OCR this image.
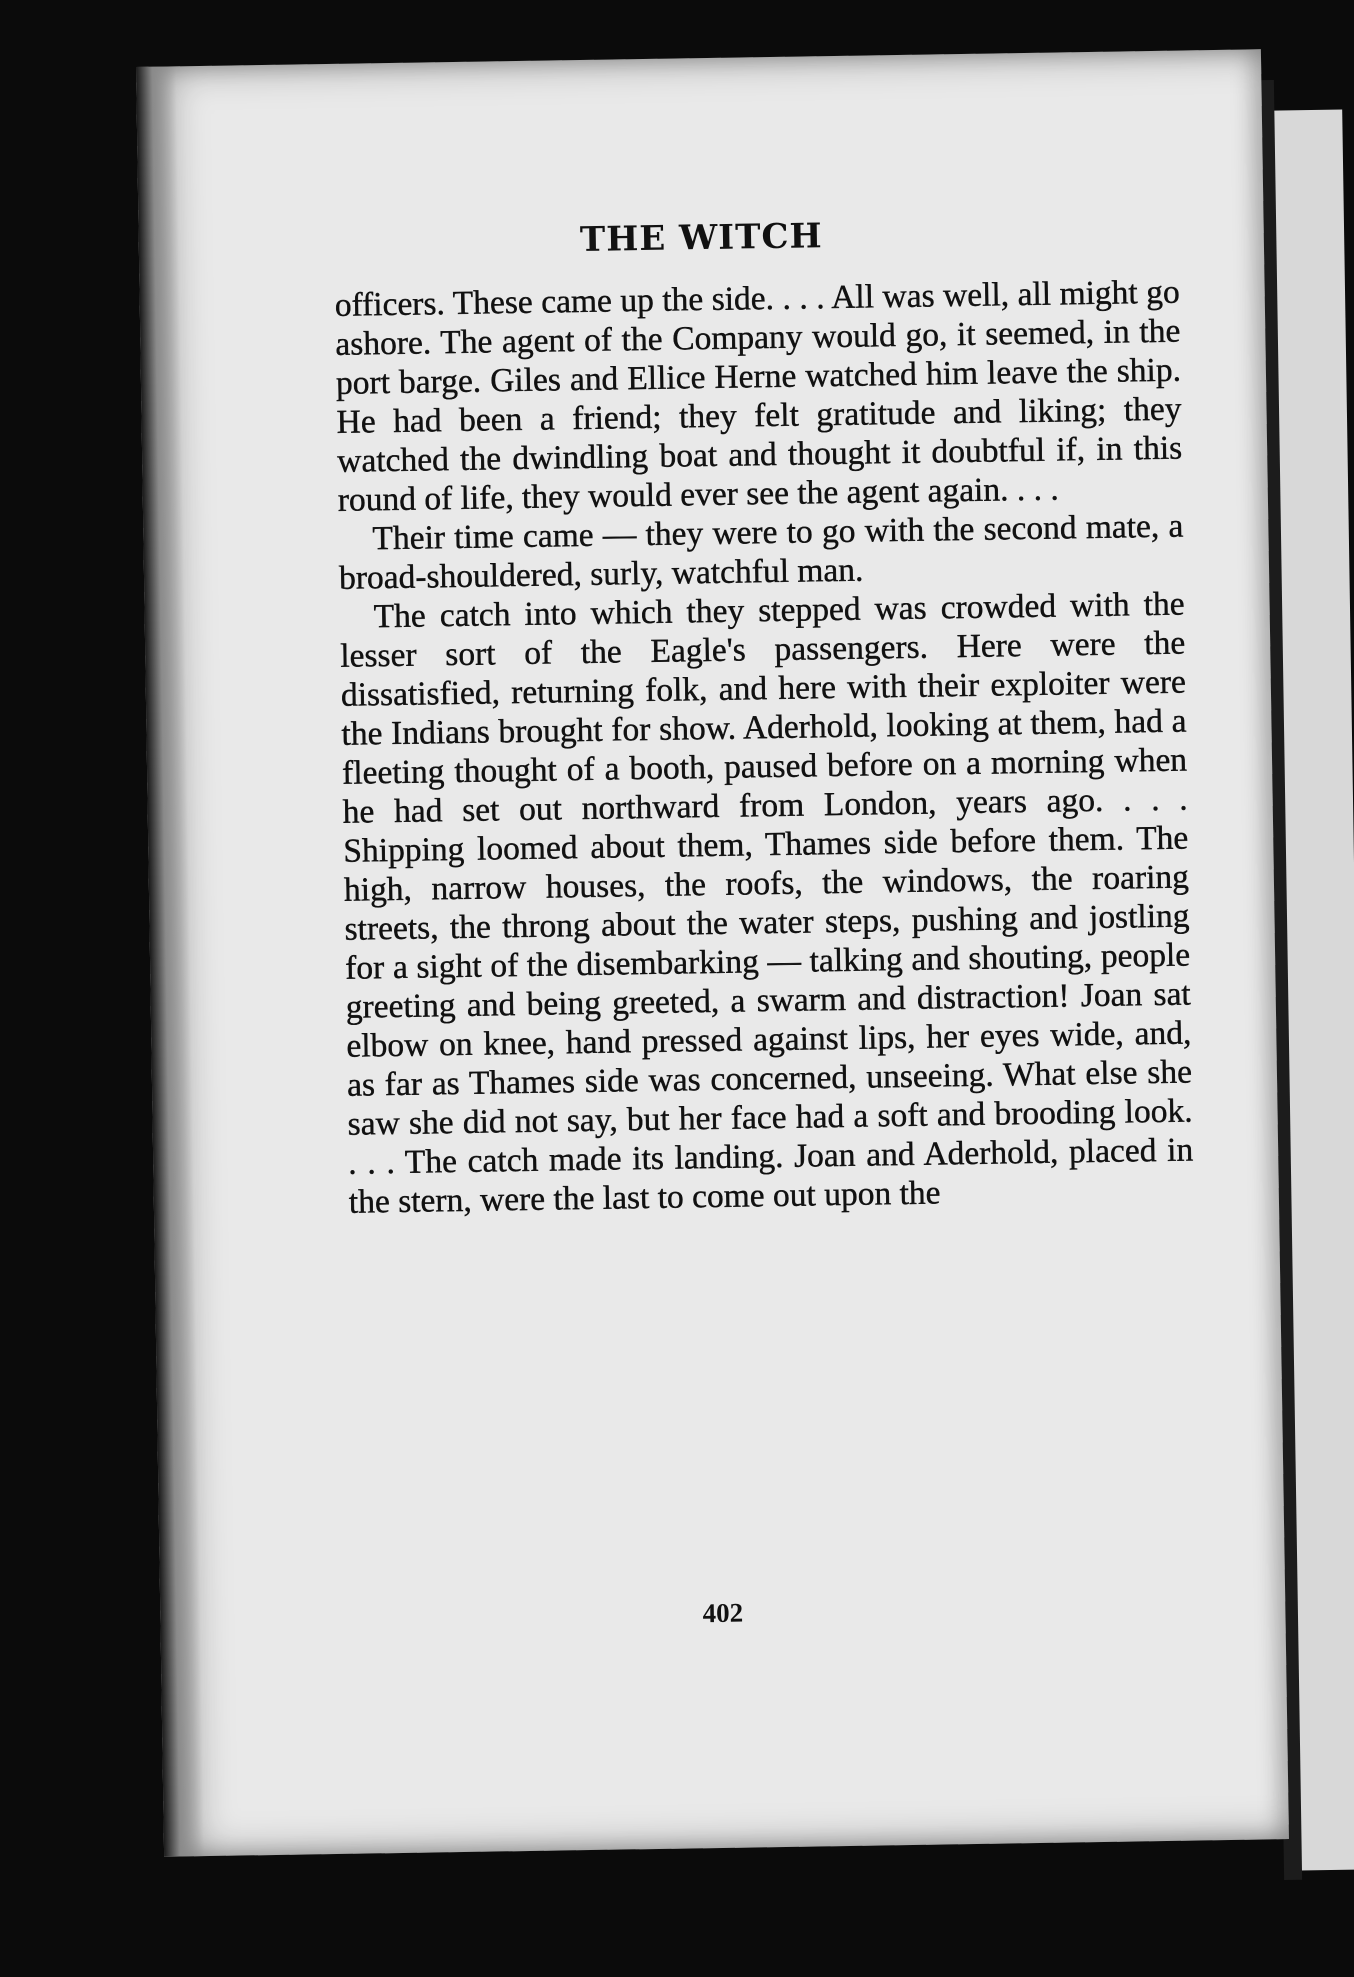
THE WITCH

officers. These came up the side. . . . All was well, all might go ashore. The agent of the Company would go, it seemed, in the port barge. Giles and Ellice Herne watched him leave the ship. He had been a friend; they felt gratitude and liking; they watched the dwindling boat and thought it doubtful if, in this round of life, they would ever see the agent again. . . .

Their time came — they were to go with the second mate, a broad-shouldered, surly, watchful man.

The catch into which they stepped was crowded with the lesser sort of the Eagle's passengers. Here were the dissatisfied, returning folk, and here with their exploiter were the Indians brought for show. Aderhold, looking at them, had a fleeting thought of a booth, paused before on a morning when he had set out northward from London, years ago. . . . Shipping loomed about them, Thames side before them. The high, narrow houses, the roofs, the windows, the roaring streets, the throng about the water steps, pushing and jostling for a sight of the disembarking — talking and shouting, people greeting and being greeted, a swarm and distraction! Joan sat elbow on knee, hand pressed against lips, her eyes wide, and, as far as Thames side was concerned, unseeing. What else she saw she did not say, but her face had a soft and brooding look. . . . The catch made its landing. Joan and Aderhold, placed in the stern, were the last to come out upon the

402
